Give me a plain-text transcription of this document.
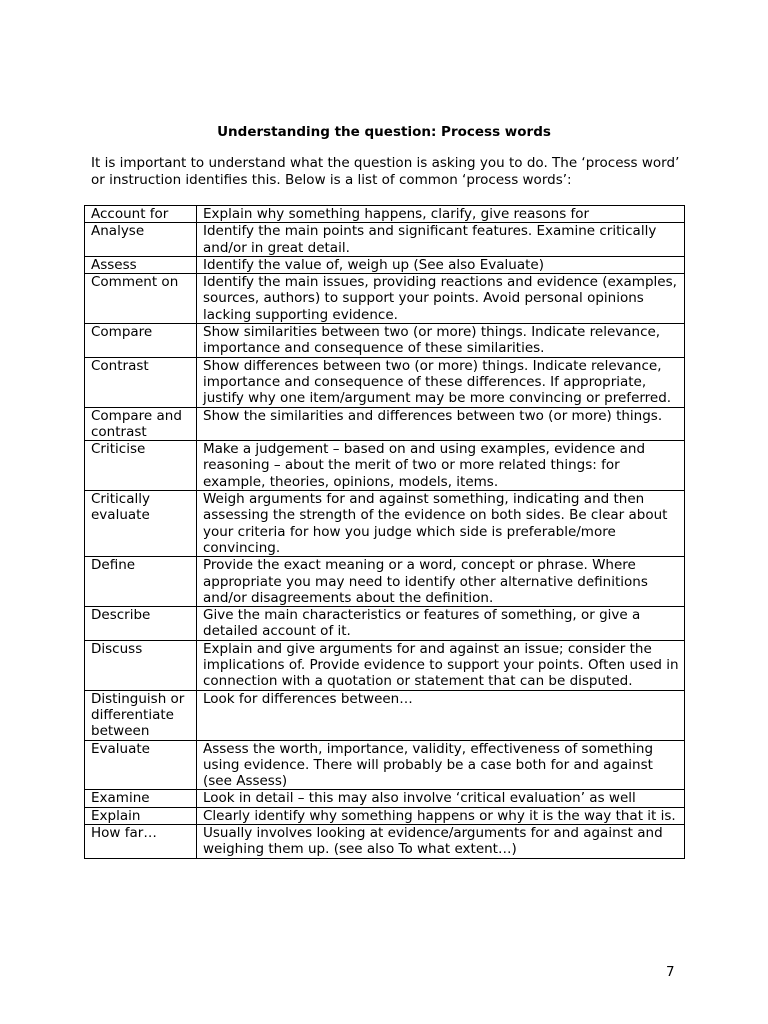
Understanding the question: Process words
It is important to understand what the question is asking you to do. The ‘process word’ or instruction identifies this. Below is a list of common ‘process words’:
Account for	Explain why something happens, clarify, give reasons for
Analyse	Identify the main points and significant features. Examine critically and/or in great detail.
Assess	Identify the value of, weigh up (See also Evaluate)
Comment on	Identify the main issues, providing reactions and evidence (examples, sources, authors) to support your points. Avoid personal opinions lacking supporting evidence.
Compare	Show similarities between two (or more) things. Indicate relevance, importance and consequence of these similarities.
Contrast	Show differences between two (or more) things. Indicate relevance, importance and consequence of these differences. If appropriate, justify why one item/argument may be more convincing or preferred.
Compare and contrast	Show the similarities and differences between two (or more) things.
Criticise	Make a judgement – based on and using examples, evidence and reasoning – about the merit of two or more related things: for example, theories, opinions, models, items.
Critically evaluate	Weigh arguments for and against something, indicating and then assessing the strength of the evidence on both sides. Be clear about your criteria for how you judge which side is preferable/more convincing.
Define	Provide the exact meaning or a word, concept or phrase. Where appropriate you may need to identify other alternative definitions and/or disagreements about the definition.
Describe	Give the main characteristics or features of something, or give a detailed account of it.
Discuss	Explain and give arguments for and against an issue; consider the implications of. Provide evidence to support your points. Often used in connection with a quotation or statement that can be disputed.
Distinguish or differentiate between	Look for differences between…
Evaluate	Assess the worth, importance, validity, effectiveness of something using evidence. There will probably be a case both for and against (see Assess)
Examine	Look in detail – this may also involve ‘critical evaluation’ as well
Explain	Clearly identify why something happens or why it is the way that it is.
How far…	Usually involves looking at evidence/arguments for and against and weighing them up. (see also To what extent…)
7
